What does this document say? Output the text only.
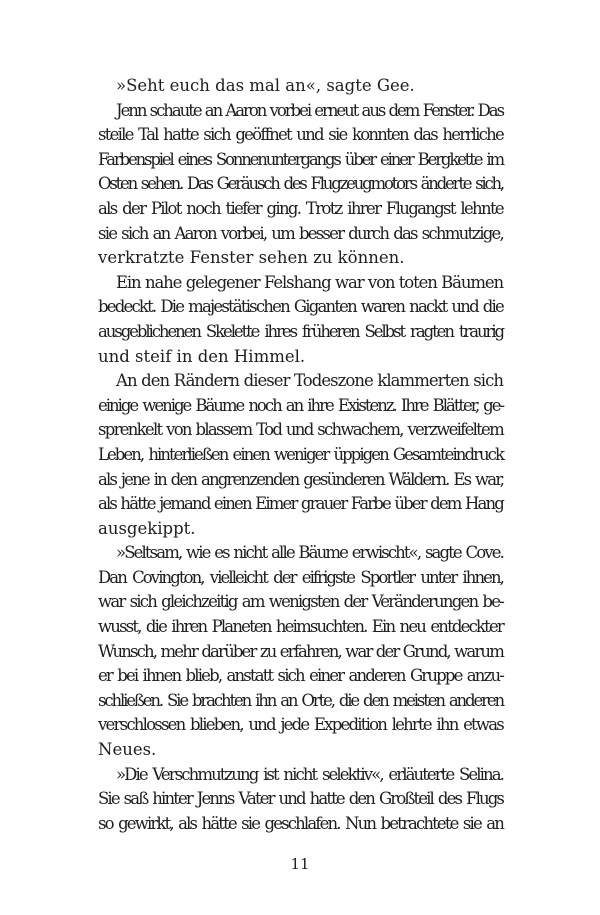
»Seht euch das mal an«, sagte Gee.

Jenn schaute an Aaron vorbei erneut aus dem Fenster. Das
steile Tal hatte sich geöffnet und sie konnten das herrliche
Farbenspiel eines Sonnenuntergangs über einer Bergkette im
Osten sehen. Das Geräusch des Flugzeugmotors änderte sich,
als der Pilot noch tiefer ging. Trotz ihrer Flugangst lehnte
sie sich an Aaron vorbei, um besser durch das schmutzige,
verkratzte Fenster sehen zu können.

Ein nahe gelegener Felshang war von toten Bäumen
bedeckt. Die majestätischen Giganten waren nackt und die
ausgeblichenen Skelette ihres früheren Selbst ragten traurig
und steif in den Himmel.

An den Rändern dieser Todeszone klammerten sich
einige wenige Bäume noch an ihre Existenz. Ihre Blätter, ge-
sprenkelt von blassem Tod und schwachem, verzweifeltem
Leben, hinterließen einen weniger üppigen Gesamteindruck
als jene in den angrenzenden gesünderen Wäldern. Es war,
als hätte jemand einen Eimer grauer Farbe über dem Hang
ausgekippt.

»Seltsam, wie es nicht alle Bäume erwischt«, sagte Cove.
Dan Covington, vielleicht der eifrigste Sportler unter ihnen,
war sich gleichzeitig am wenigsten der Veränderungen be-
wusst, die ihren Planeten heimsuchten. Ein neu entdeckter
Wunsch, mehr darüber zu erfahren, war der Grund, warum
er bei ihnen blieb, anstatt sich einer anderen Gruppe anzu-
schließen. Sie brachten ihn an Orte, die den meisten anderen
verschlossen blieben, und jede Expedition lehrte ihn etwas
Neues.

»Die Verschmutzung ist nicht selektiv«, erläuterte Selina.
Sie saß hinter Jenns Vater und hatte den Großteil des Flugs
so gewirkt, als hätte sie geschlafen. Nun betrachtete sie an

11
